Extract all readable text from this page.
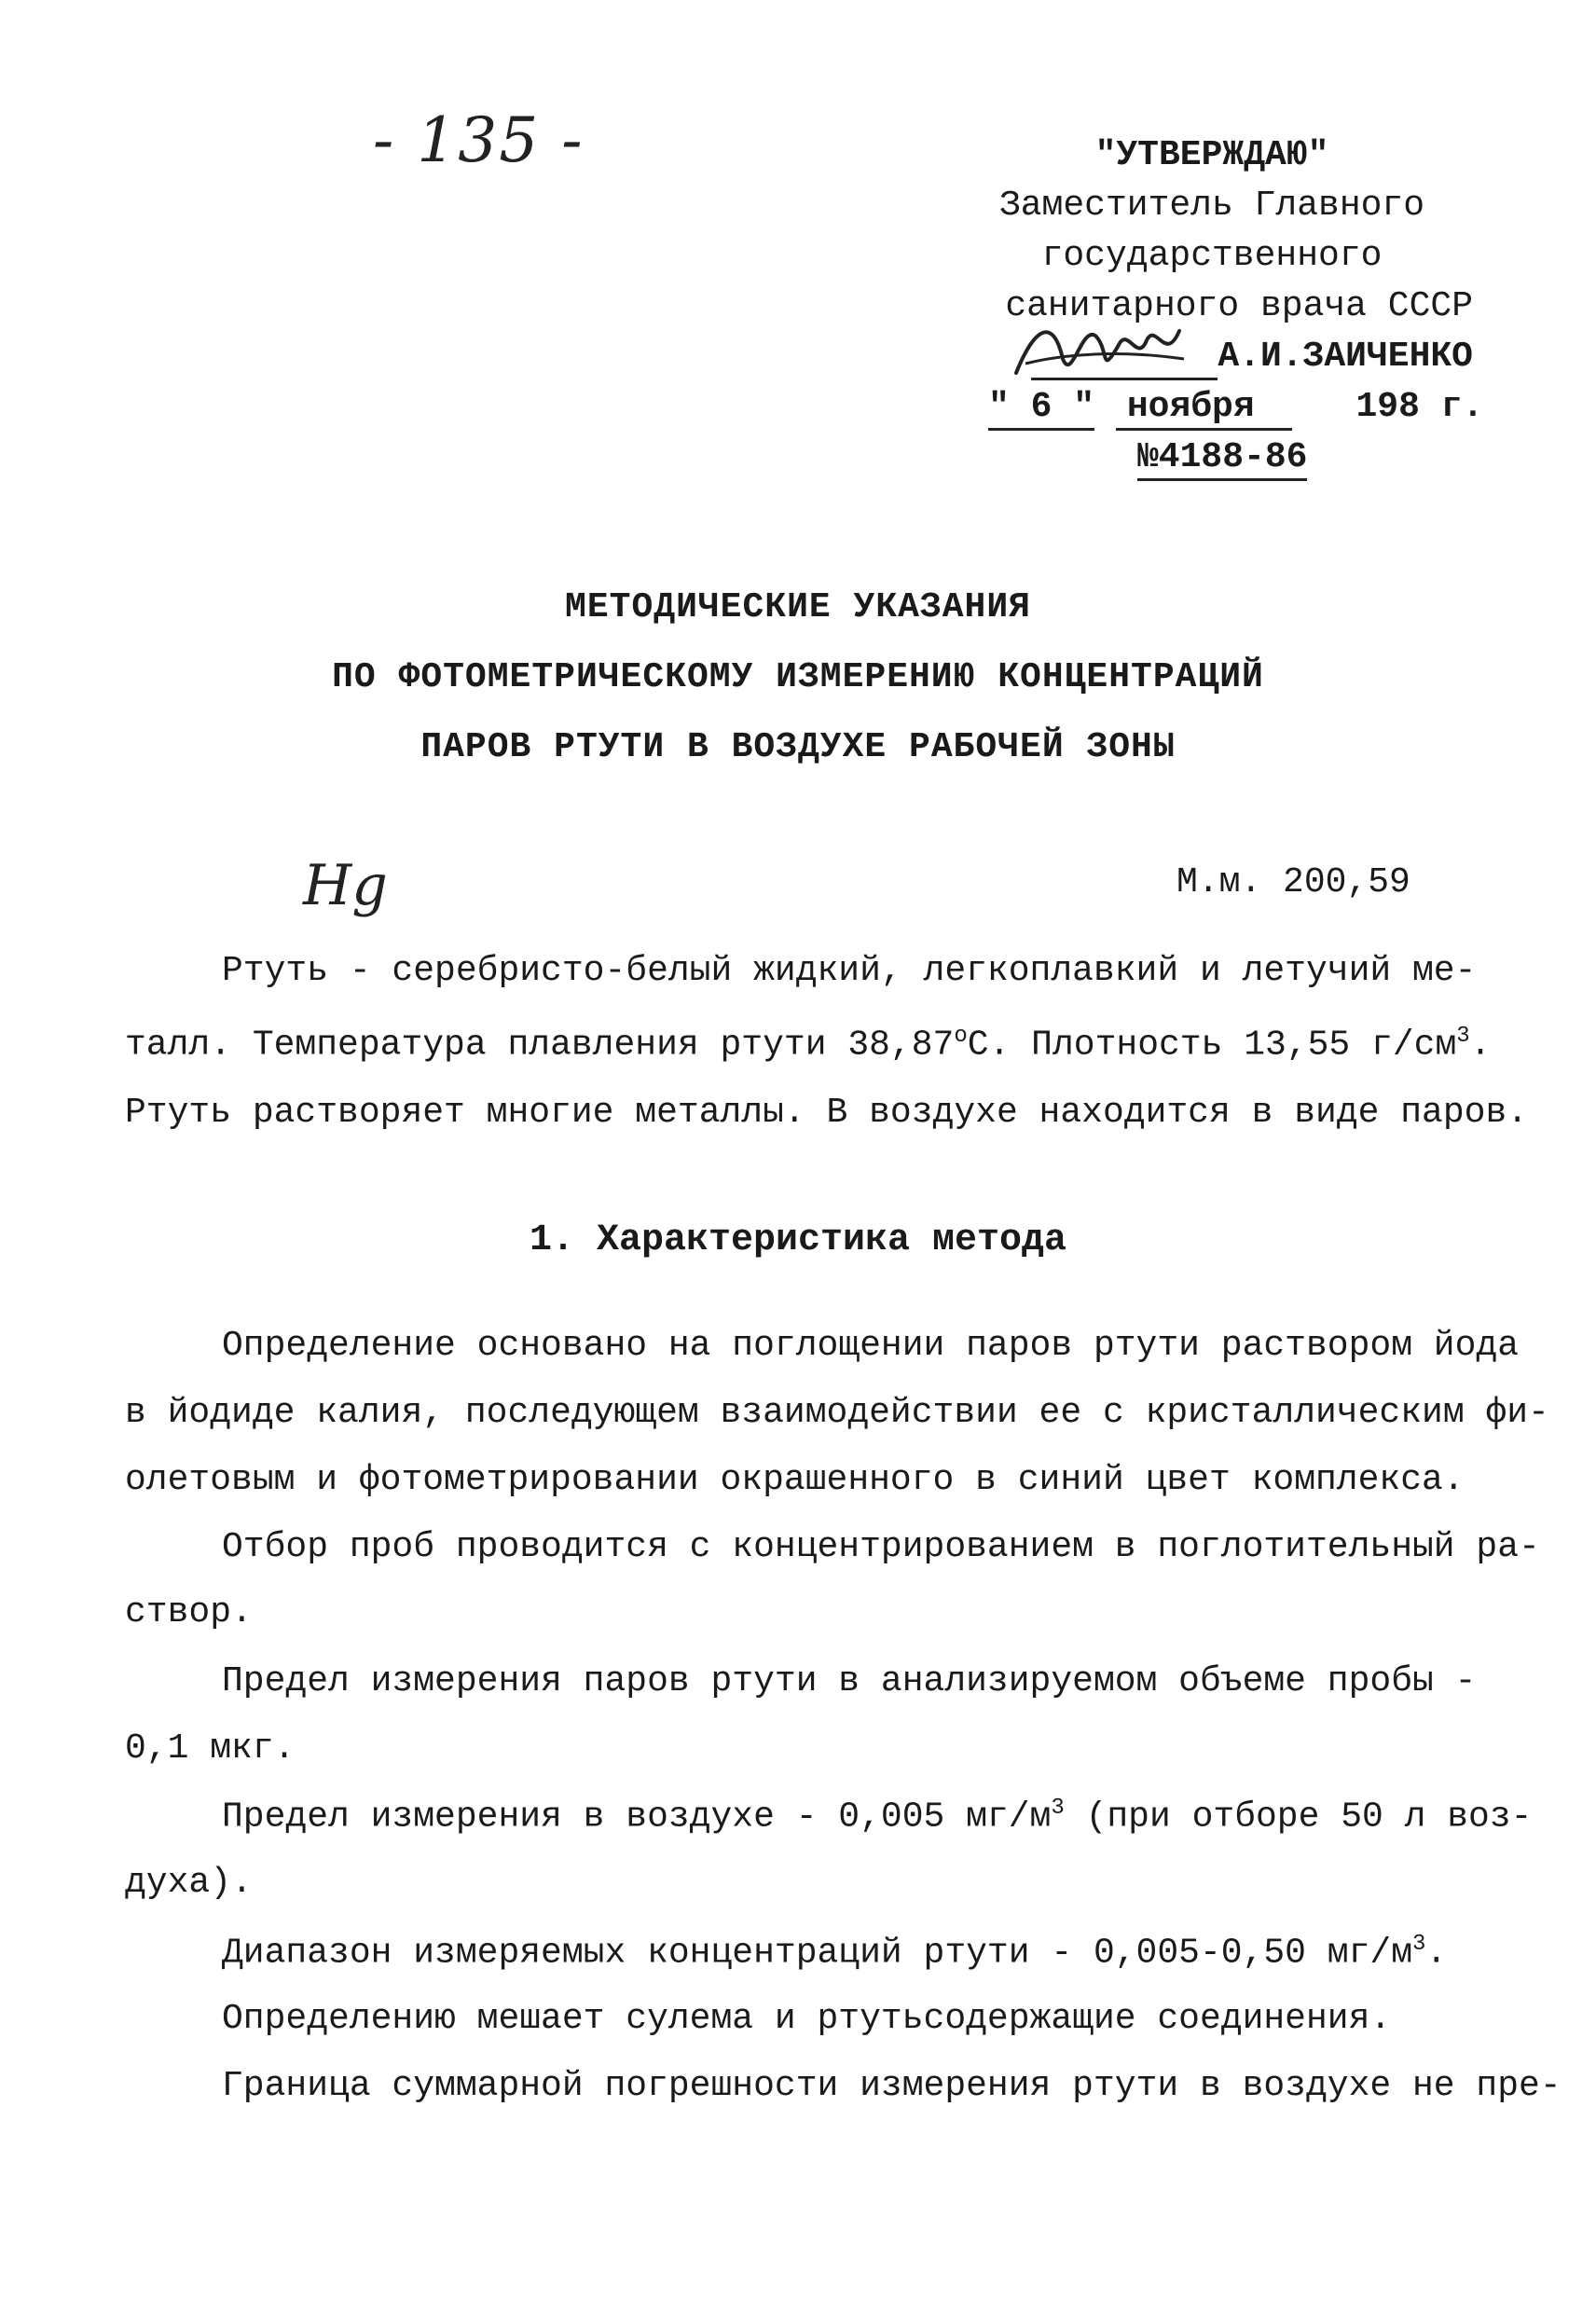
- 135 -	"УТВЕРЖДАЮ"
Заместитель Главного
государственного
санитарного врача СССР
А.И.ЗАИЧЕНКО
" 6 " ноября	198 г.
№4188-86
МЕТОДИЧЕСКИЕ УКАЗАНИЯ
ПО ФОТОМЕТРИЧЕСКОМУ ИЗМЕРЕНИЮ КОНЦЕНТРАЦИЙ
ПАРОВ РТУТИ В ВОЗДУХЕ РАБОЧЕЙ ЗОНЫ
Hg	М.м. 200,59
Ртуть - серебристо-белый жидкий, легкоплавкий и летучий ме-
талл. Температура плавления ртути $38,87^оС$. Плотность 13,55 $г/см^3$.
Ртуть растворяет многие металлы. В воздухе находится в виде паров.
1. Характеристика метода
Определение основано на поглощении паров ртути раствором йода
в йодиде калия, последующем взаимодействии ее с кристаллическим фи-
олетовым и фотометрировании окрашенного в синий цвет комплекса.
Отбор проб проводится с концентрированием в поглотительный ра-
створ.
Предел измерения паров ртути в анализируемом объеме пробы -
0,1 мкг.
Предел измерения в воздухе - 0,005 $мг/м^3$ (при отборе 50 л воз-
духа).
Диапазон измеряемых концентраций ртути - 0,005-0,50 $мг/м^3$.
Определению мешает сулема и ртутьсодержащие соединения.
Граница суммарной погрешности измерения ртути в воздухе не пре-
